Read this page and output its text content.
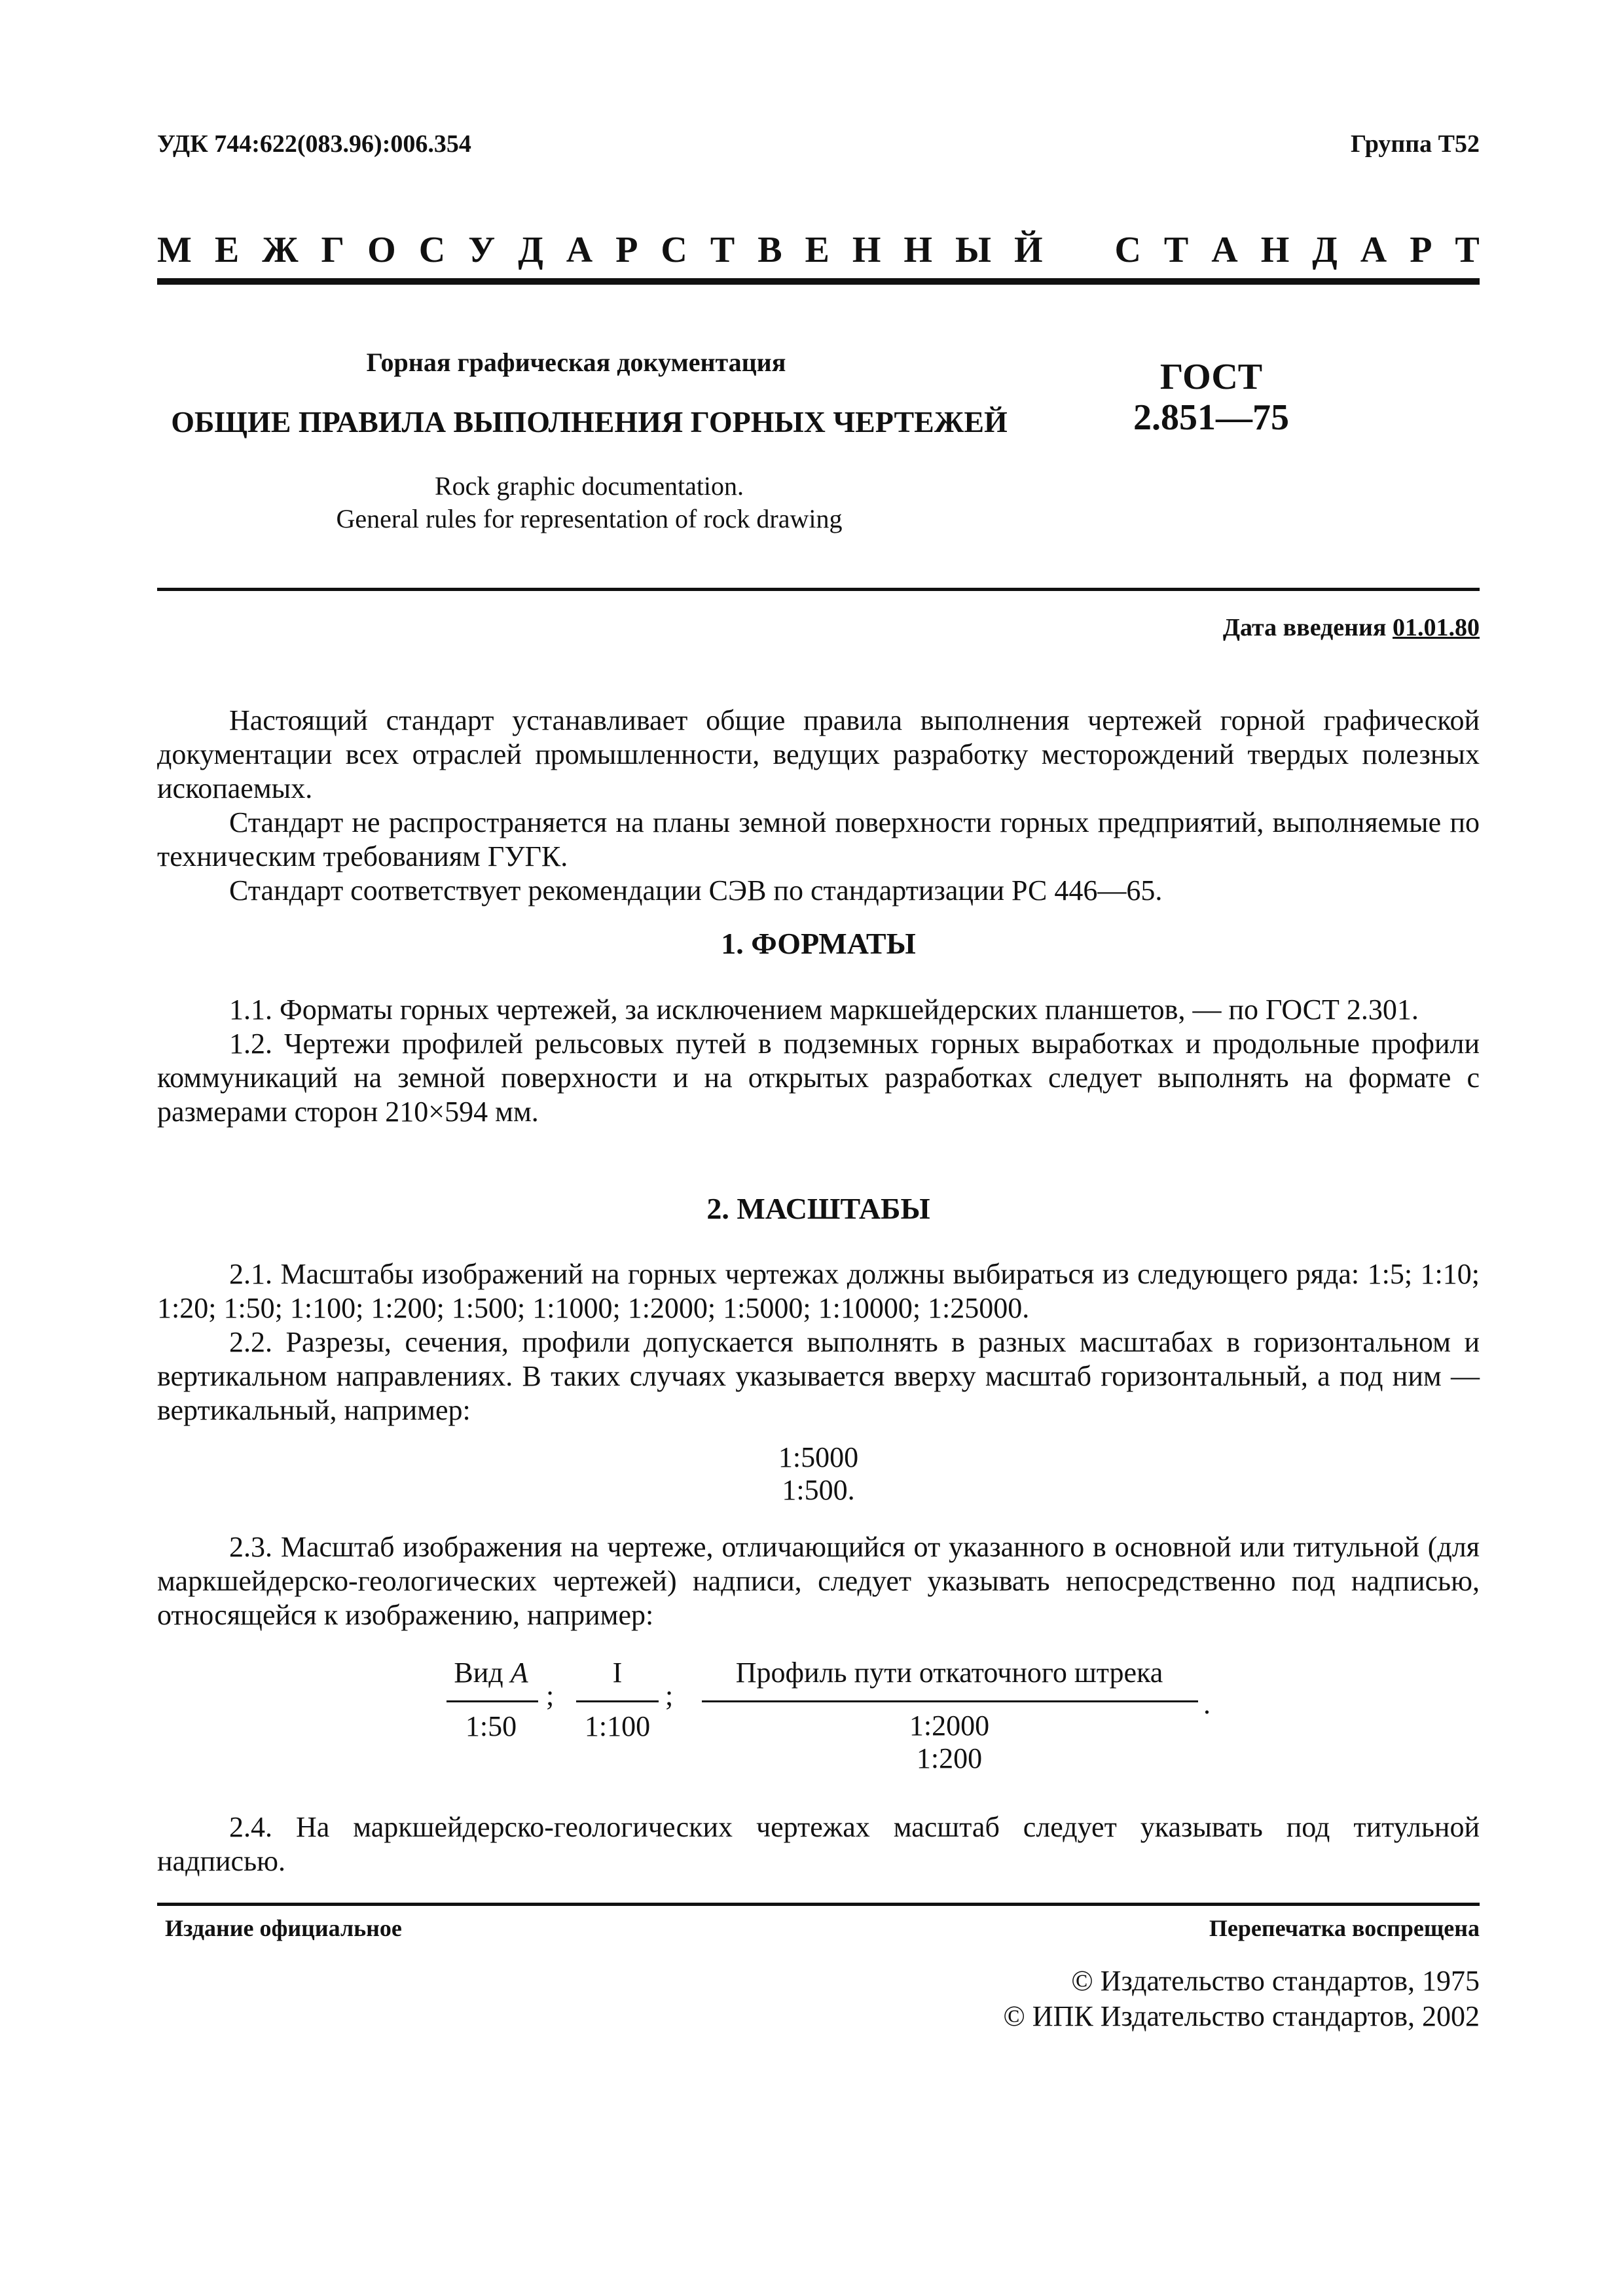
УДК 744:622(083.96):006.354	Группа Т52
М Е Ж Г О С У Д А Р С Т В Е Н Н Ы Й С Т А Н Д А Р Т
Горная графическая документация
ОБЩИЕ ПРАВИЛА ВЫПОЛНЕНИЯ ГОРНЫХ ЧЕРТЕЖЕЙ
Rock graphic documentation.
General rules for representation of rock drawing
ГОСТ
2.851—75
Дата введения 01.01.80
Настоящий стандарт устанавливает общие правила выполнения чертежей горной графической документации всех отраслей промышленности, ведущих разработку месторождений твердых полезных ископаемых.
Стандарт не распространяется на планы земной поверхности горных предприятий, выполняемые по техническим требованиям ГУГК.
Стандарт соответствует рекомендации СЭВ по стандартизации РС 446—65.
1. ФОРМАТЫ
1.1. Форматы горных чертежей, за исключением маркшейдерских планшетов, — по ГОСТ 2.301.
1.2. Чертежи профилей рельсовых путей в подземных горных выработках и продольные профили коммуникаций на земной поверхности и на открытых разработках следует выполнять на формате с размерами сторон 210×594 мм.
2. МАСШТАБЫ
2.1. Масштабы изображений на горных чертежах должны выбираться из следующего ряда: 1:5; 1:10; 1:20; 1:50; 1:100; 1:200; 1:500; 1:1000; 1:2000; 1:5000; 1:10000; 1:25000.
2.2. Разрезы, сечения, профили допускается выполнять в разных масштабах в горизонтальном и вертикальном направлениях. В таких случаях указывается вверху масштаб горизонтальный, а под ним — вертикальный, например:
1:5000
1:500.
2.3. Масштаб изображения на чертеже, отличающийся от указанного в основной или титульной (для маркшейдерско-геологических чертежей) надписи, следует указывать непосредственно под надписью, относящейся к изображению, например:
Вид А
1:50
;
I
1:100
;
Профиль пути откаточного штрека
1:2000
1:200
.
2.4. На маркшейдерско-геологических чертежах масштаб следует указывать под титульной надписью.
Издание официальное	Перепечатка воспрещена
© Издательство стандартов, 1975
© ИПК Издательство стандартов, 2002
